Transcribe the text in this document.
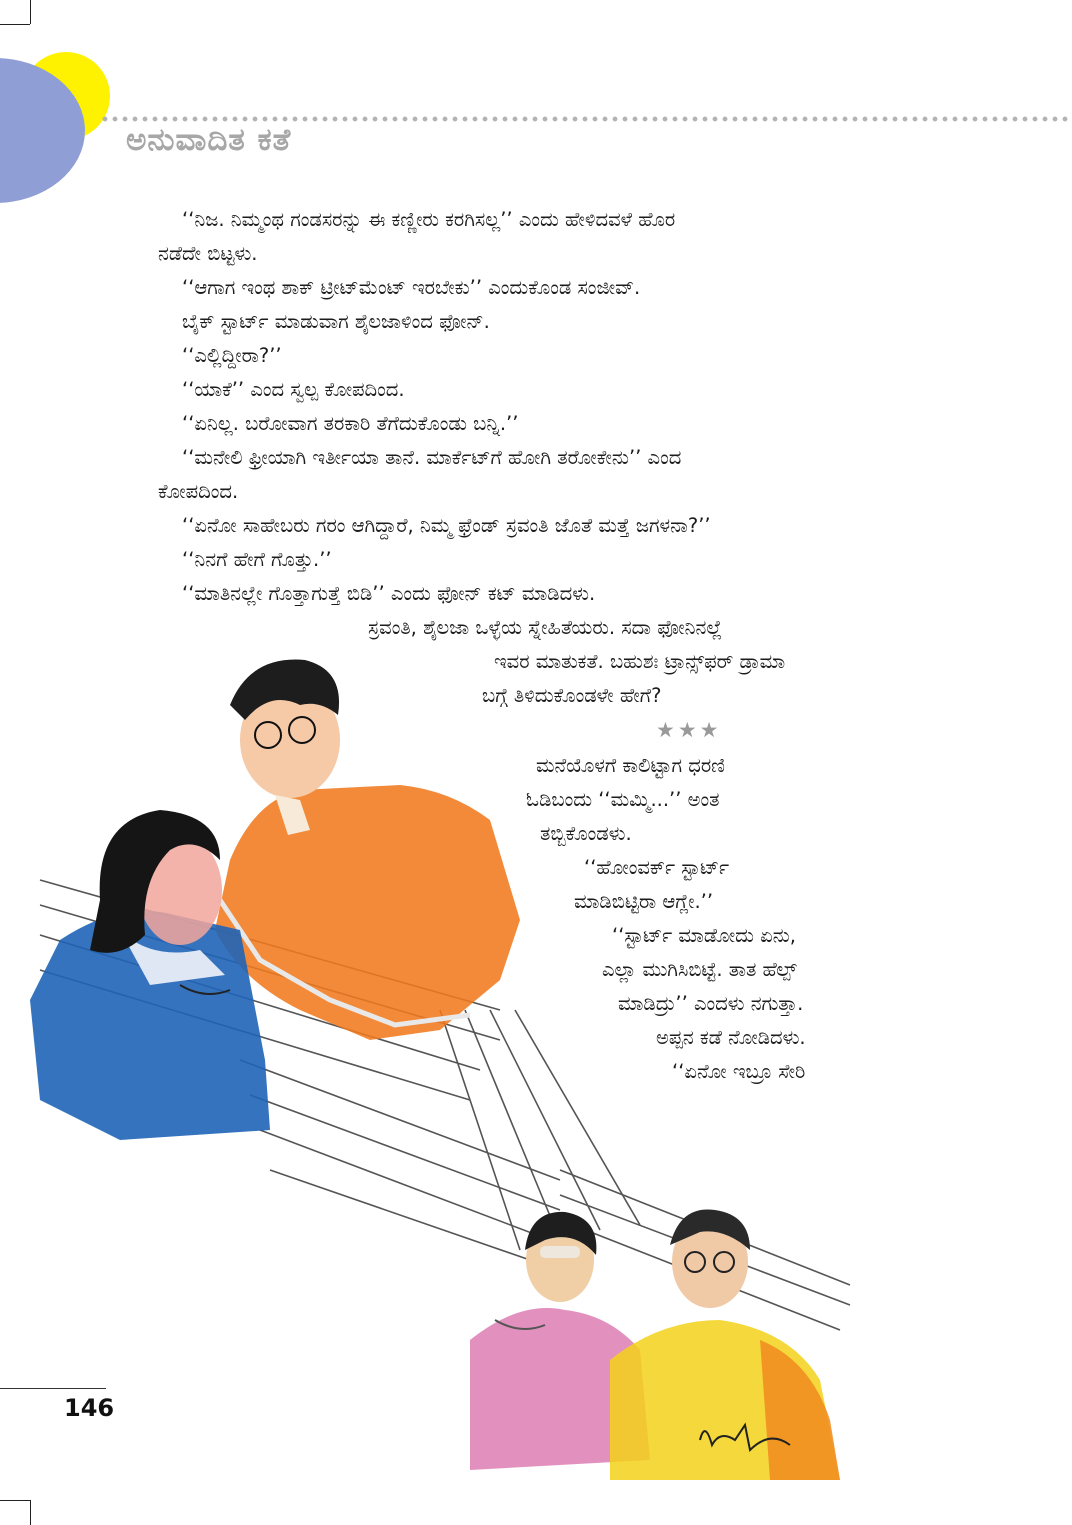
ಅನುವಾದಿತ ಕತೆ
‘‘ನಿಜ. ನಿಮ್ಮಂಥ ಗಂಡಸರನ್ನು ಈ ಕಣ್ಣೀರು ಕರಗಿಸಲ್ಲ’’ ಎಂದು ಹೇಳಿದವಳೆ ಹೊರ
ನಡೆದೇ ಬಿಟ್ಟಳು.
‘‘ಆಗಾಗ ಇಂಥ ಶಾಕ್ ಟ್ರೀಟ್‌ಮೆಂಟ್ ಇರಬೇಕು’’ ಎಂದುಕೊಂಡ ಸಂಜೀವ್.
ಬೈಕ್ ಸ್ಟಾರ್ಟ್ ಮಾಡುವಾಗ ಶೈಲಜಾಳಿಂದ ಫೋನ್.
‘‘ಎಲ್ಲಿದ್ದೀರಾ?’’
‘‘ಯಾಕೆ’’ ಎಂದ ಸ್ವಲ್ಪ ಕೋಪದಿಂದ.
‘‘ಏನಿಲ್ಲ. ಬರೋವಾಗ ತರಕಾರಿ ತೆಗೆದುಕೊಂಡು ಬನ್ನಿ.’’
‘‘ಮನೇಲಿ ಫ್ರೀಯಾಗಿ ಇರ್ತೀಯಾ ತಾನೆ. ಮಾರ್ಕೆಟ್‌ಗೆ ಹೋಗಿ ತರೋಕೇನು’’ ಎಂದ
ಕೋಪದಿಂದ.
‘‘ಏನೋ ಸಾಹೇಬರು ಗರಂ ಆಗಿದ್ದಾರೆ, ನಿಮ್ಮ ಫ್ರೆಂಡ್ ಸ್ರವಂತಿ ಜೊತೆ ಮತ್ತೆ ಜಗಳನಾ?’’
‘‘ನಿನಗೆ ಹೇಗೆ ಗೊತ್ತು.’’
‘‘ಮಾತಿನಲ್ಲೇ ಗೊತ್ತಾಗುತ್ತೆ ಬಿಡಿ’’ ಎಂದು ಫೋನ್ ಕಟ್ ಮಾಡಿದಳು.
ಸ್ರವಂತಿ, ಶೈಲಜಾ ಒಳ್ಳೆಯ ಸ್ನೇಹಿತೆಯರು. ಸದಾ ಫೋನಿನಲ್ಲೆ
ಇವರ ಮಾತುಕತೆ. ಬಹುಶಃ ಟ್ರಾನ್ಸ್‌ಫರ್ ಡ್ರಾಮಾ
ಬಗ್ಗೆ ತಿಳಿದುಕೊಂಡಳೇ ಹೇಗೆ?
★★★
ಮನೆಯೊಳಗೆ ಕಾಲಿಟ್ಟಾಗ ಧರಣಿ
ಓಡಿಬಂದು ‘‘ಮಮ್ಮಿ...’’ ಅಂತ
ತಬ್ಬಿಕೊಂಡಳು.
‘‘ಹೋಂವರ್ಕ್ ಸ್ಟಾರ್ಟ್
ಮಾಡಿಬಿಟ್ಟಿರಾ ಆಗ್ಲೇ.’’
‘‘ಸ್ಟಾರ್ಟ್ ಮಾಡೋದು ಏನು,
ಎಲ್ಲಾ ಮುಗಿಸಿಬಿಟ್ಟೆ. ತಾತ ಹೆಲ್ಪ್
ಮಾಡಿದ್ರು’’ ಎಂದಳು ನಗುತ್ತಾ.
ಅಪ್ಪನ ಕಡೆ ನೋಡಿದಳು.
‘‘ಏನೋ ಇಬ್ರೂ ಸೇರಿ
146
